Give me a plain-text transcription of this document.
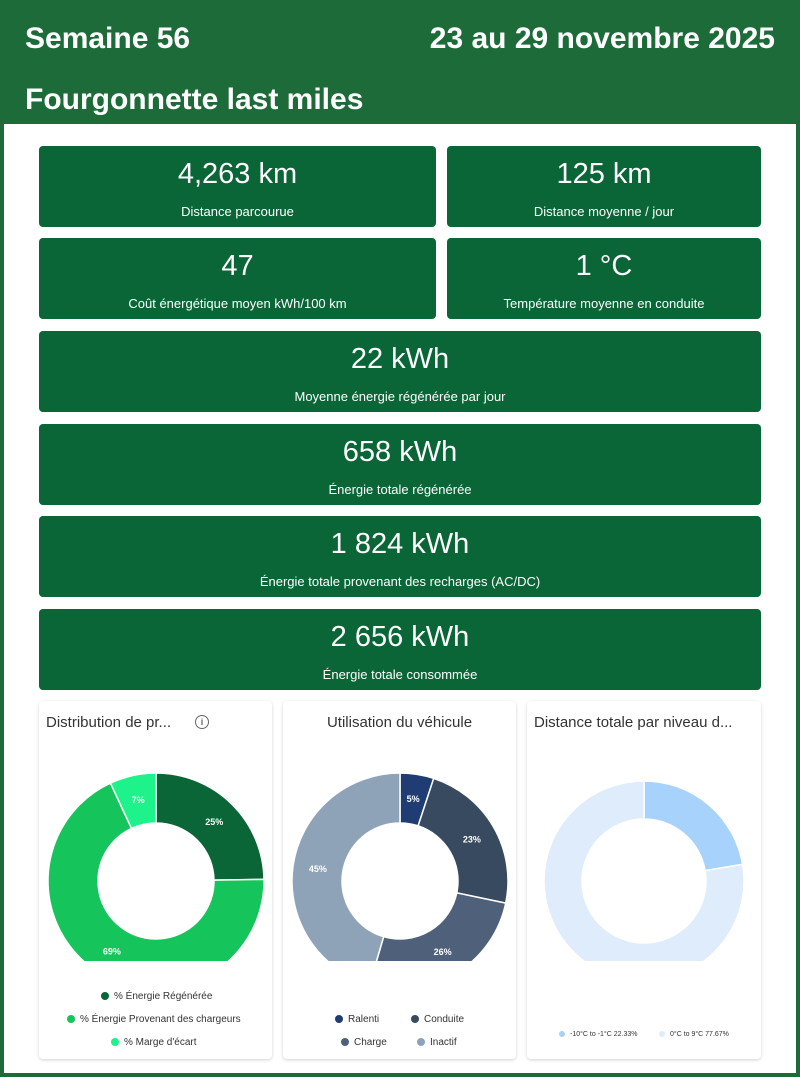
Semaine 56	23 au 29 novembre 2025
Fourgonnette last miles
4,263 km
Distance parcourue
125 km
Distance moyenne / jour
47
Coût énergétique moyen kWh/100 km
1 °C
Température moyenne en conduite
22 kWh
Moyenne énergie régénérée par jour
658 kWh
Énergie totale régénérée
1 824 kWh
Énergie totale provenant des recharges (AC/DC)
2 656 kWh
Énergie totale consommée
Distribution de pr...	i
25%
69%
7%
% Énergie Régénérée
% Énergie Provenant des chargeurs
% Marge d'écart
Utilisation du véhicule
5%
23%
26%
45%
Ralenti	Conduite
Charge	Inactif
Distance totale par niveau d...
-10°C to -1°C 22.33%	0°C to 9°C 77.67%
